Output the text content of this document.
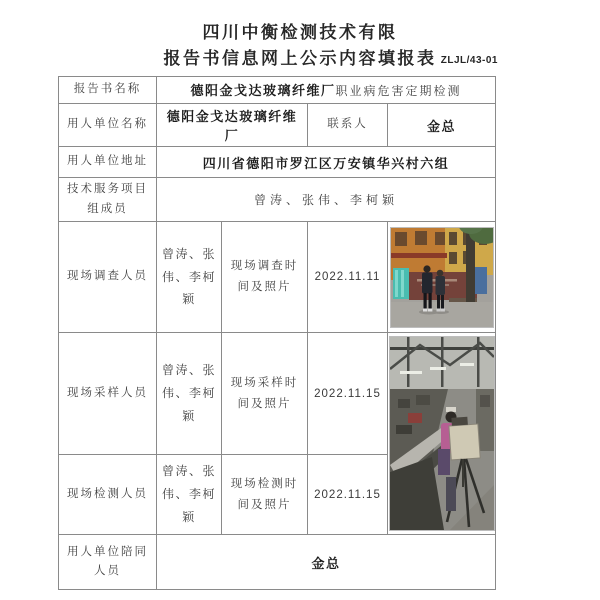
四川中衡检测技术有限
报告书信息网上公示内容填报表 ZLJL/43-01
报告书名称	德阳金戈达玻璃纤维厂职业病危害定期检测			
用人单位名称	德阳金戈达玻璃纤维厂		联系人	金总
用人单位地址	四川省德阳市罗江区万安镇华兴村六组			
技术服务项目组成员	曾涛、张伟、李柯颖			
现场调查人员	曾涛、张伟、李柯颖	现场调查时间及照片	2022.11.11	

现场采样人员	曾涛、张伟、李柯颖	现场采样时间及照片	2022.11.15	

现场检测人员	曾涛、张伟、李柯颖	现场检测时间及照片	2022.11.15	
用人单位陪同人员	金总			
